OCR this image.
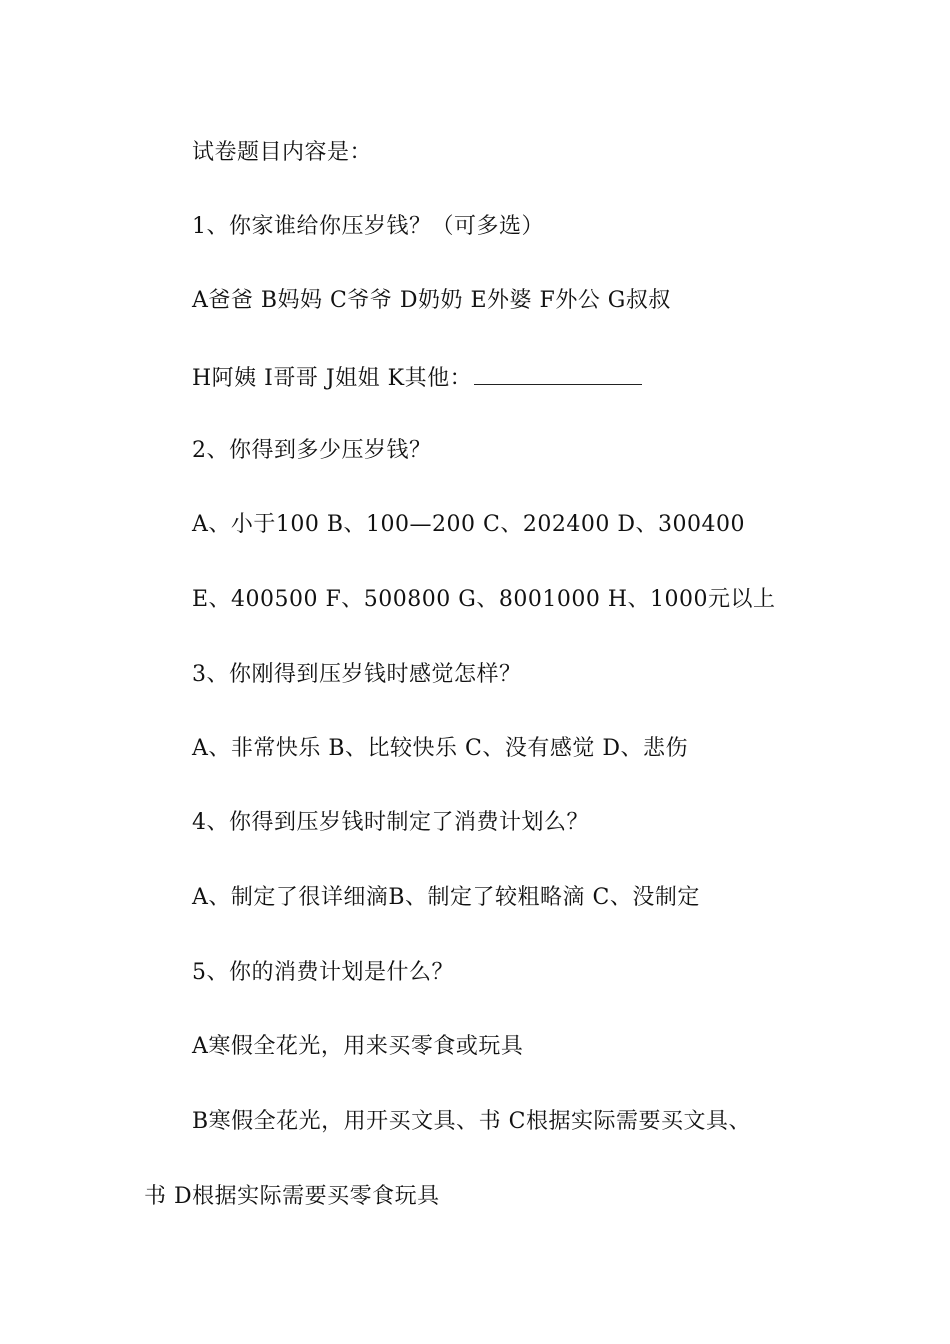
试卷题目内容是：
1、你家谁给你压岁钱？（可多选）
A爸爸 B妈妈 C爷爷 D奶奶 E外婆 F外公 G叔叔
H阿姨 I哥哥 J姐姐 K其他：
2、你得到多少压岁钱？
A、小于100 B、100—200 C、202400 D、300400
E、400500 F、500800 G、8001000 H、1000元以上
3、你刚得到压岁钱时感觉怎样？
A、非常快乐 B、比较快乐 C、没有感觉 D、悲伤
4、你得到压岁钱时制定了消费计划么？
A、制定了很详细滴B、制定了较粗略滴 C、没制定
5、你的消费计划是什么？
A寒假全花光，用来买零食或玩具
B寒假全花光，用开买文具、书 C根据实际需要买文具、
书 D根据实际需要买零食玩具
